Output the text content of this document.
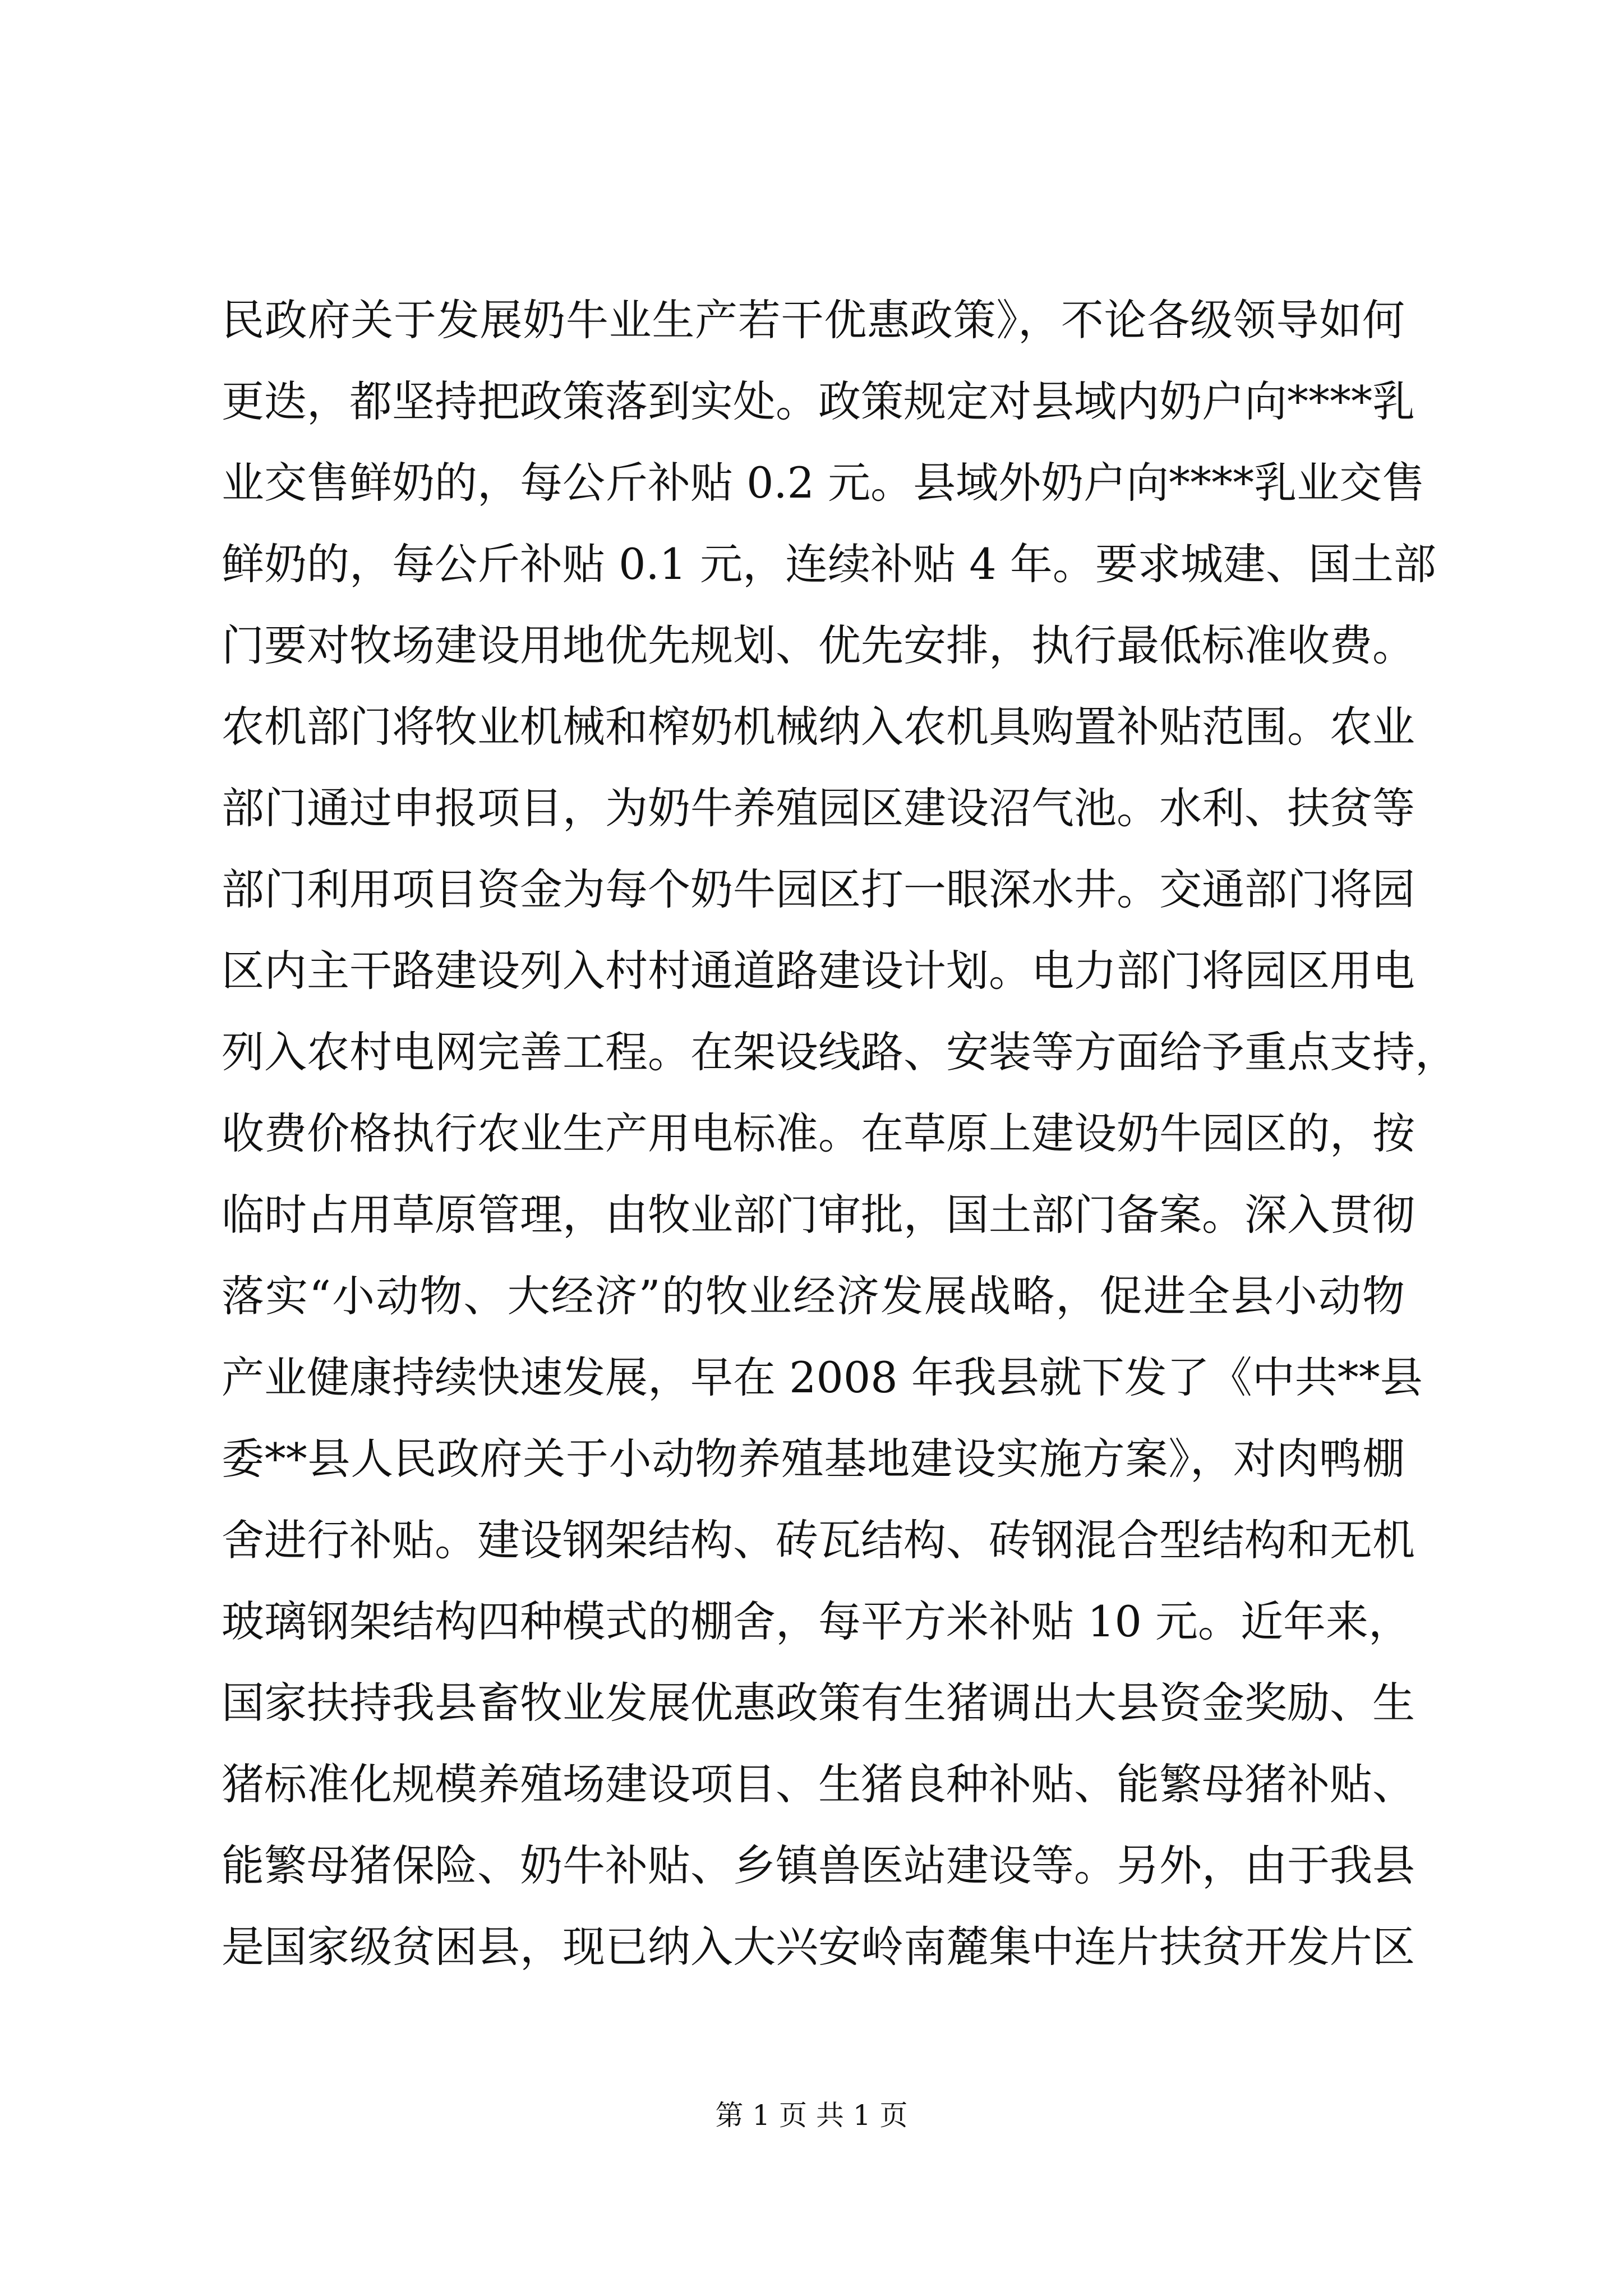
民政府关于发展奶牛业生产若干优惠政策》，不论各级领导如何
更迭，都坚持把政策落到实处。政策规定对县域内奶户向****乳
业交售鲜奶的，每公斤补贴 0.2 元。县域外奶户向****乳业交售
鲜奶的，每公斤补贴 0.1 元，连续补贴 4 年。要求城建、国土部
门要对牧场建设用地优先规划、优先安排，执行最低标准收费。
农机部门将牧业机械和榨奶机械纳入农机具购置补贴范围。农业
部门通过申报项目，为奶牛养殖园区建设沼气池。水利、扶贫等
部门利用项目资金为每个奶牛园区打一眼深水井。交通部门将园
区内主干路建设列入村村通道路建设计划。电力部门将园区用电
列入农村电网完善工程。在架设线路、安装等方面给予重点支持，
收费价格执行农业生产用电标准。在草原上建设奶牛园区的，按
临时占用草原管理，由牧业部门审批，国土部门备案。深入贯彻
落实“小动物、大经济”的牧业经济发展战略，促进全县小动物
产业健康持续快速发展，早在 2008 年我县就下发了《中共**县
委**县人民政府关于小动物养殖基地建设实施方案》，对肉鸭棚
舍进行补贴。建设钢架结构、砖瓦结构、砖钢混合型结构和无机
玻璃钢架结构四种模式的棚舍，每平方米补贴 10 元。近年来，
国家扶持我县畜牧业发展优惠政策有生猪调出大县资金奖励、生
猪标准化规模养殖场建设项目、生猪良种补贴、能繁母猪补贴、
能繁母猪保险、奶牛补贴、乡镇兽医站建设等。另外，由于我县
是国家级贫困县，现已纳入大兴安岭南麓集中连片扶贫开发片区
第 1 页 共 1 页
